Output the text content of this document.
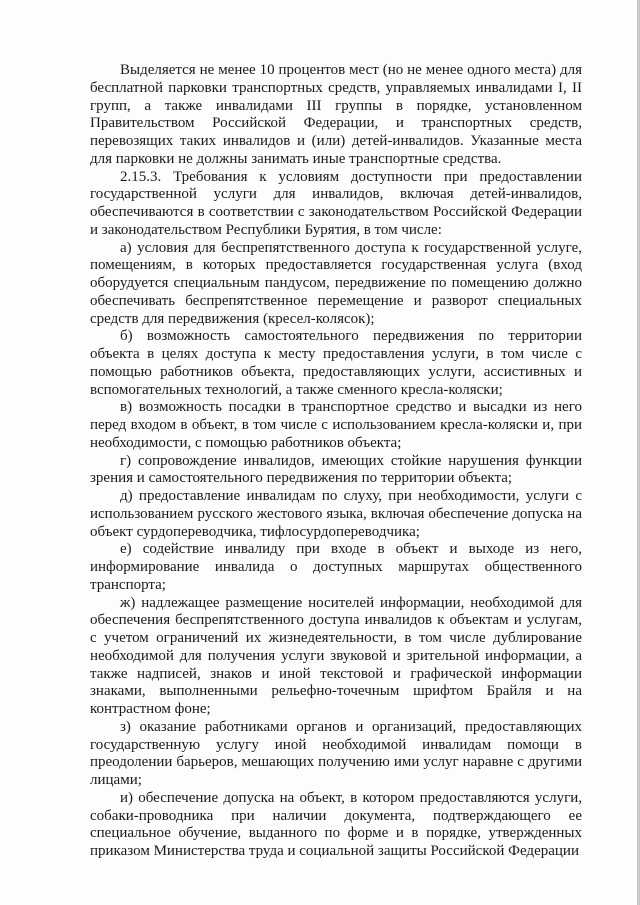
Выделяется не менее 10 процентов мест (но не менее одного места) для бесплатной парковки транспортных средств, управляемых инвалидами I, II групп, а также инвалидами III группы в порядке, установленном Правительством Российской Федерации, и транспортных средств, перевозящих таких инвалидов и (или) детей-инвалидов. Указанные места для парковки не должны занимать иные транспортные средства.

2.15.3. Требования к условиям доступности при предоставлении государственной услуги для инвалидов, включая детей-инвалидов, обеспечиваются в соответствии с законодательством Российской Федерации и законодательством Республики Бурятия, в том числе:

а) условия для беспрепятственного доступа к государственной услуге, помещениям, в которых предоставляется государственная услуга (вход оборудуется специальным пандусом, передвижение по помещению должно обеспечивать беспрепятственное перемещение и разворот специальных средств для передвижения (кресел-колясок);

б) возможность самостоятельного передвижения по территории объекта в целях доступа к месту предоставления услуги, в том числе с помощью работников объекта, предоставляющих услуги, ассистивных и вспомогательных технологий, а также сменного кресла-коляски;

в) возможность посадки в транспортное средство и высадки из него перед входом в объект, в том числе с использованием кресла-коляски и, при необходимости, с помощью работников объекта;

г) сопровождение инвалидов, имеющих стойкие нарушения функции зрения и самостоятельного передвижения по территории объекта;

д) предоставление инвалидам по слуху, при необходимости, услуги с использованием русского жестового языка, включая обеспечение допуска на объект сурдопереводчика, тифлосурдопереводчика;

е) содействие инвалиду при входе в объект и выходе из него, информирование инвалида о доступных маршрутах общественного транспорта;

ж) надлежащее размещение носителей информации, необходимой для обеспечения беспрепятственного доступа инвалидов к объектам и услугам, с учетом ограничений их жизнедеятельности, в том числе дублирование необходимой для получения услуги звуковой и зрительной информации, а также надписей, знаков и иной текстовой и графической информации знаками, выполненными рельефно-точечным шрифтом Брайля и на контрастном фоне;

з) оказание работниками органов и организаций, предоставляющих государственную услугу иной необходимой инвалидам помощи в преодолении барьеров, мешающих получению ими услуг наравне с другими лицами;

и) обеспечение допуска на объект, в котором предоставляются услуги, собаки-проводника при наличии документа, подтверждающего ее специальное обучение, выданного по форме и в порядке, утвержденных приказом Министерства труда и социальной защиты Российской Федерации
